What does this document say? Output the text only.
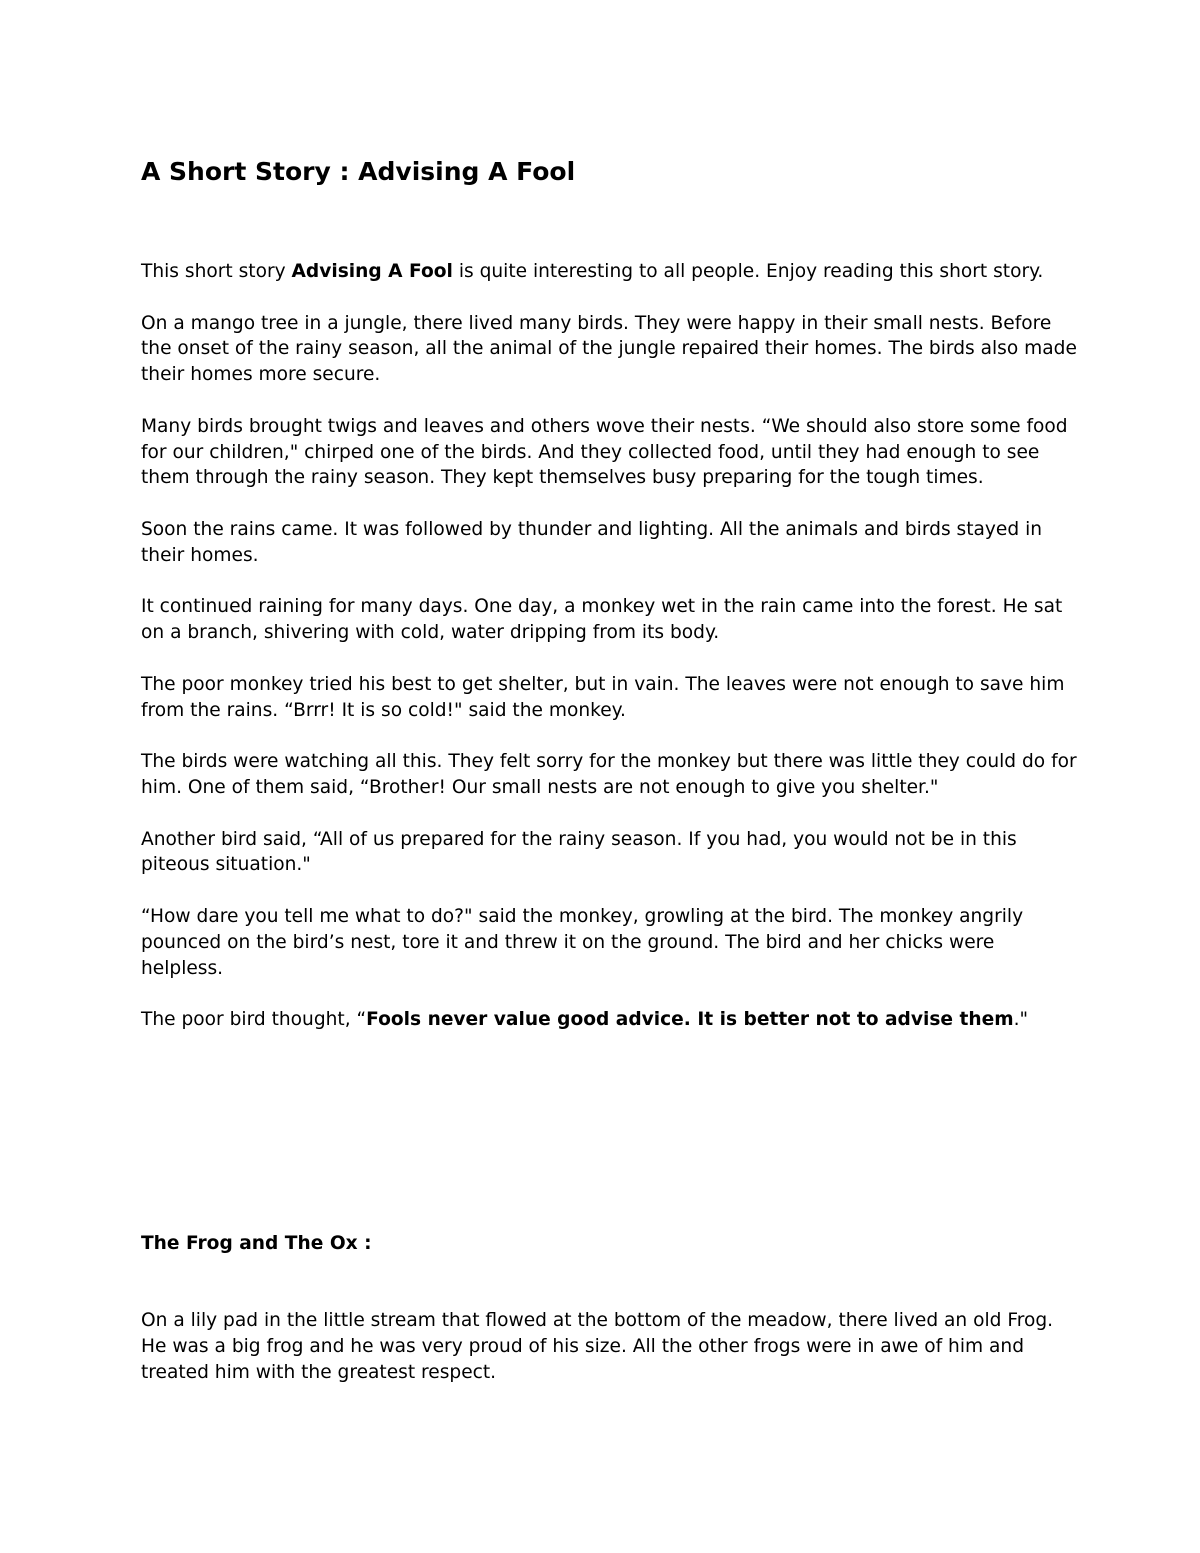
A Short Story : Advising A Fool

This short story Advising A Fool is quite interesting to all people. Enjoy reading this short story.

On a mango tree in a jungle, there lived many birds. They were happy in their small nests. Before the onset of the rainy season, all the animal of the jungle repaired their homes. The birds also made their homes more secure.

Many birds brought twigs and leaves and others wove their nests. “We should also store some food for our children," chirped one of the birds. And they collected food, until they had enough to see them through the rainy season. They kept themselves busy preparing for the tough times.

Soon the rains came. It was followed by thunder and lighting. All the animals and birds stayed in their homes.

It continued raining for many days. One day, a monkey wet in the rain came into the forest. He sat on a branch, shivering with cold, water dripping from its body.

The poor monkey tried his best to get shelter, but in vain. The leaves were not enough to save him from the rains. “Brrr! It is so cold!" said the monkey.

The birds were watching all this. They felt sorry for the monkey but there was little they could do for him. One of them said, “Brother! Our small nests are not enough to give you shelter."

Another bird said, “All of us prepared for the rainy season. If you had, you would not be in this piteous situation."

“How dare you tell me what to do?" said the monkey, growling at the bird. The monkey angrily pounced on the bird’s nest, tore it and threw it on the ground. The bird and her chicks were helpless.

The poor bird thought, “Fools never value good advice. It is better not to advise them."

The Frog and The Ox :

On a lily pad in the little stream that flowed at the bottom of the meadow, there lived an old Frog. He was a big frog and he was very proud of his size. All the other frogs were in awe of him and treated him with the greatest respect.
